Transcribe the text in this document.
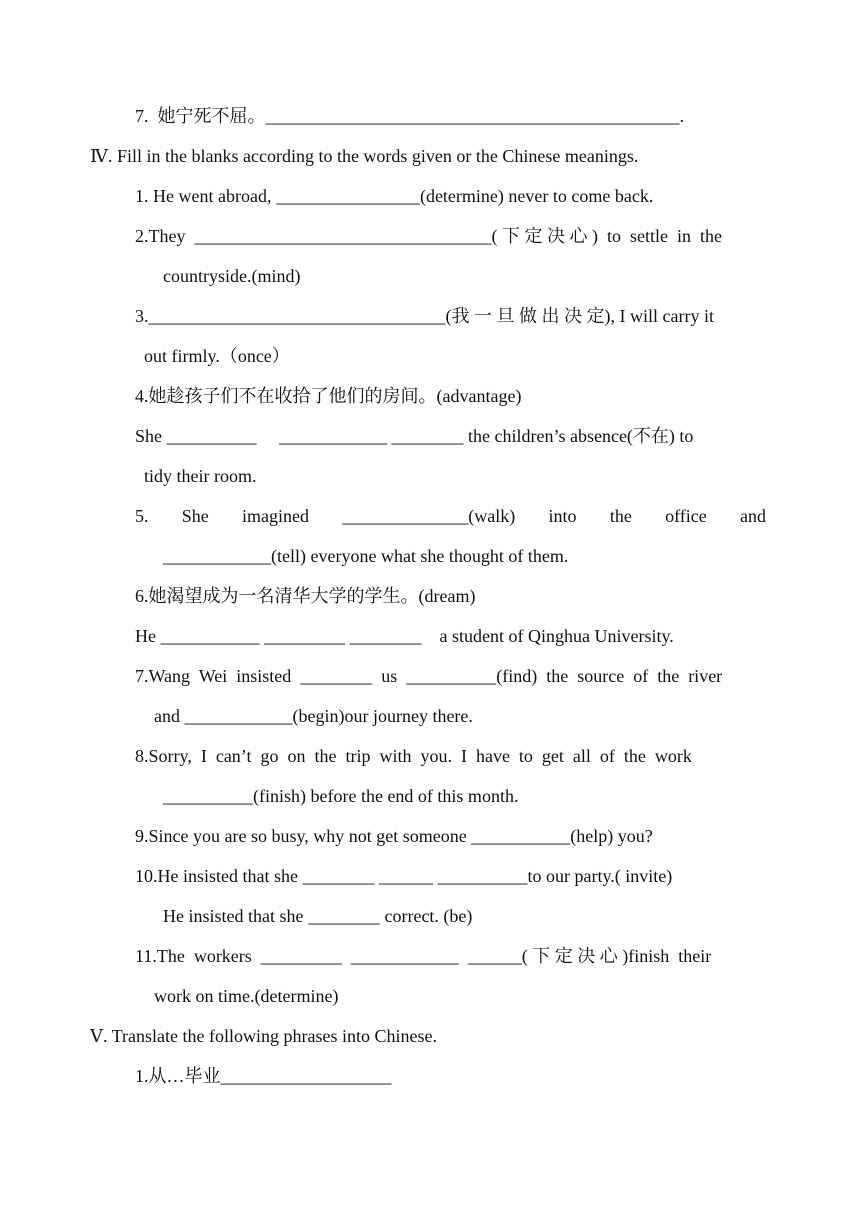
7.  她宁死不屈。______________________________________________.
Ⅳ. Fill in the blanks according to the words given or the Chinese meanings.
1. He went abroad, ________________(determine) never to come back.
2.They  _________________________________( 下 定 决 心 )  to  settle  in  the
countryside.(mind)
3._________________________________(我 一 旦 做 出 决 定), I will carry it
out firmly.（once）
4.她趁孩子们不在收拾了他们的房间。(advantage)
She __________     ____________ ________ the children’s absence(不在) to
tidy their room.
5. She imagined ______________(walk) into the office and
____________(tell) everyone what she thought of them.
6.她渴望成为一名清华大学的学生。(dream)
He ___________ _________ ________    a student of Qinghua University.
7.Wang  Wei  insisted  ________  us  __________(find)  the  source  of  the  river
and ____________(begin)our journey there.
8.Sorry,  I  can’t  go  on  the  trip  with  you.  I  have  to  get  all  of  the  work
__________(finish) before the end of this month.
9.Since you are so busy, why not get someone ___________(help) you?
10.He insisted that she ________ ______ __________to our party.( invite)
He insisted that she ________ correct. (be)
11.The  workers  _________  ____________  ______( 下 定 决 心 )finish  their
work on time.(determine)
Ⅴ. Translate the following phrases into Chinese.
1.从…毕业___________________
